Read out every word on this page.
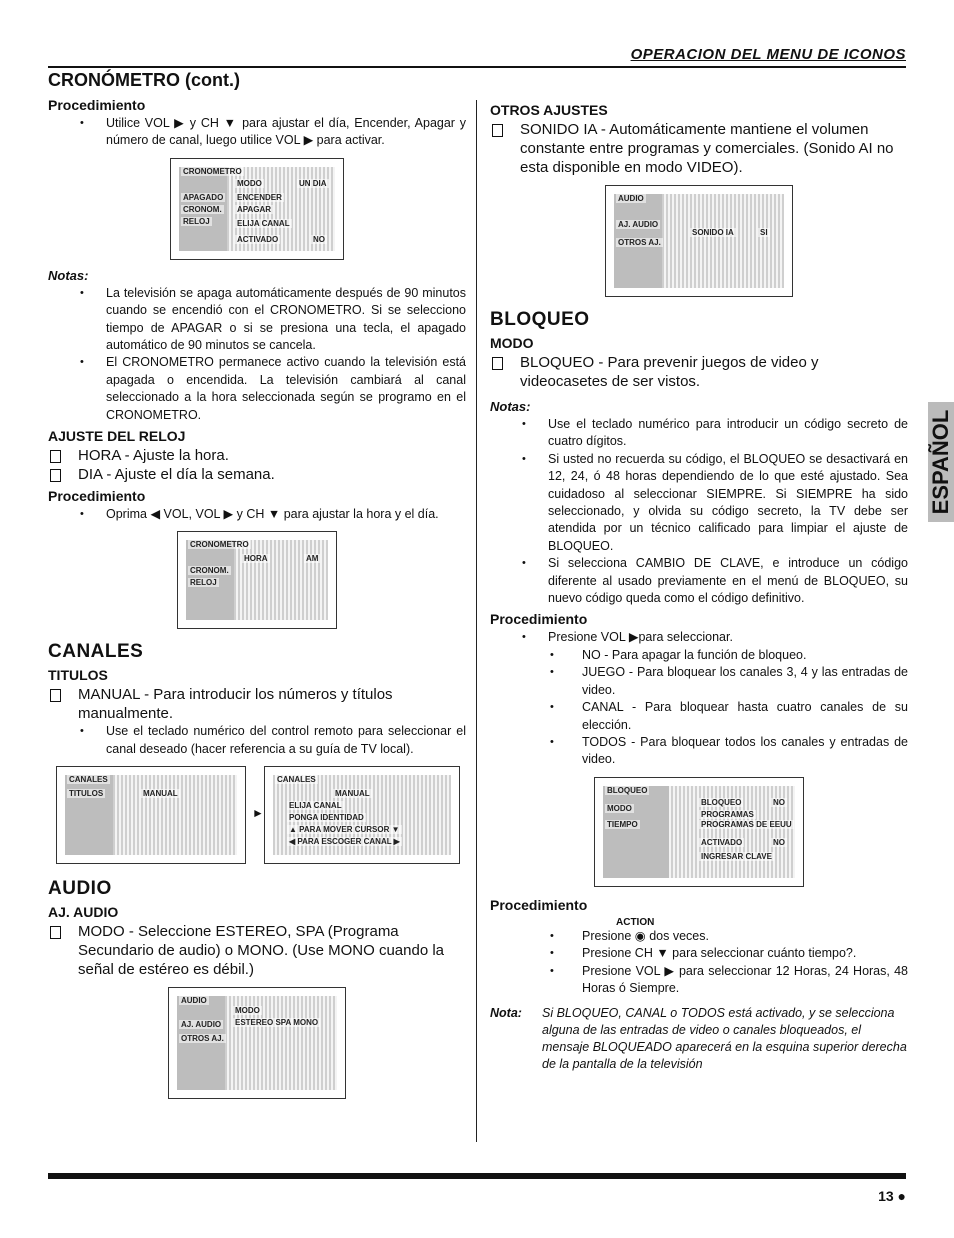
OPERACION DEL MENU DE ICONOS
CRONÓMETRO (cont.)
Procedimiento
• Utilice VOL ▶ y CH ▼ para ajustar el día, Encender, Apagar y número de canal, luego utilice VOL ▶ para activar.
CRONOMETRO
MODO	UN DIA
APAGADO ENCENDER
CRONOM. APAGAR
RELOJ	ELIJA CANAL
ACTIVADO	NO
Notas:
• La televisión se apaga automáticamente después de 90 minutos cuando se encendió con el CRONOMETRO. Si se selecciono tiempo de APAGAR o si se presiona una tecla, el apagado automático de 90 minutos se cancela.
• El CRONOMETRO permanece activo cuando la televisión está apagada o encendida. La televisión cambiará al canal seleccionado a la hora seleccionada según se programo en el CRONOMETRO.
AJUSTE DEL RELOJ

HORA - Ajuste la hora.

DIA - Ajuste el día la semana.

Procedimiento
• Oprima ◀ VOL, VOL ▶ y CH ▼ para ajustar la hora y el día.
CRONOMETRO
HORA	AM
CRONOM.
RELOJ
CANALES
TITULOS

MANUAL - Para introducir los números y títulos manualmente.

• Use el teclado numérico del control remoto para seleccionar el canal deseado (hacer referencia a su guía de TV local).
CANALES
TITULOS	MANUAL
►
CANALES
MANUAL
ELIJA CANAL
PONGA IDENTIDAD
▲ PARA MOVER CURSOR ▼
◀ PARA ESCOGER CANAL ▶
AUDIO
AJ. AUDIO

MODO - Seleccione ESTEREO, SPA (Programa Secundario de audio) o MONO. (Use MONO cuando la señal de estéreo es débil.)

AUDIO
MODO
AJ. AUDIO ESTEREO SPA MONO
OTROS AJ.
OTROS AJUSTES

SONIDO IA - Automáticamente mantiene el volumen constante entre programas y comerciales. (Sonido AI no esta disponible en modo VIDEO).

AUDIO
AJ. AUDIO
SONIDO IA	SI
OTROS AJ.
BLOQUEO
MODO

BLOQUEO - Para prevenir juegos de video y videocasetes de ser vistos.

Notas:
• Use el teclado numérico para introducir un código secreto de cuatro dígitos.
• Si usted no recuerda su código, el BLOQUEO se desactivará en 12, 24, ó 48 horas dependiendo de lo que esté ajustado. Sea cuidadoso al seleccionar SIEMPRE. Si SIEMPRE ha sido seleccionado, y olvida su código secreto, la TV debe ser atendida por un técnico calificado para limpiar el ajuste de BLOQUEO.
• Si selecciona CAMBIO DE CLAVE, e introduce un código diferente al usado previamente en el menú de BLOQUEO, su nuevo código queda como el código definitivo.
Procedimiento
• Presione VOL ▶para seleccionar.
• NO - Para apagar la función de bloqueo.
• JUEGO - Para bloquear los canales 3, 4 y las entradas de video.
• CANAL - Para bloquear hasta cuatro canales de su elección.
• TODOS - Para bloquear todos los canales y entradas de video.
BLOQUEO
MODO
BLOQUEO	NO
PROGRAMAS
PROGRAMAS DE EEUU
TIEMPO
ACTIVADO	NO
INGRESAR CLAVE
Procedimiento
ACTION
• Presione ◉ dos veces.
• Presione CH ▼ para seleccionar cuánto tiempo?.
• Presione VOL ▶ para seleccionar 12 Horas, 24 Horas, 48 Horas ó Siempre.
Nota: Si BLOQUEO, CANAL o TODOS está activado, y se selecciona alguna de las entradas de video o canales bloqueados, el mensaje BLOQUEADO aparecerá en la esquina superior derecha de la pantalla de la televisión
ESPAÑOL
13 ●
